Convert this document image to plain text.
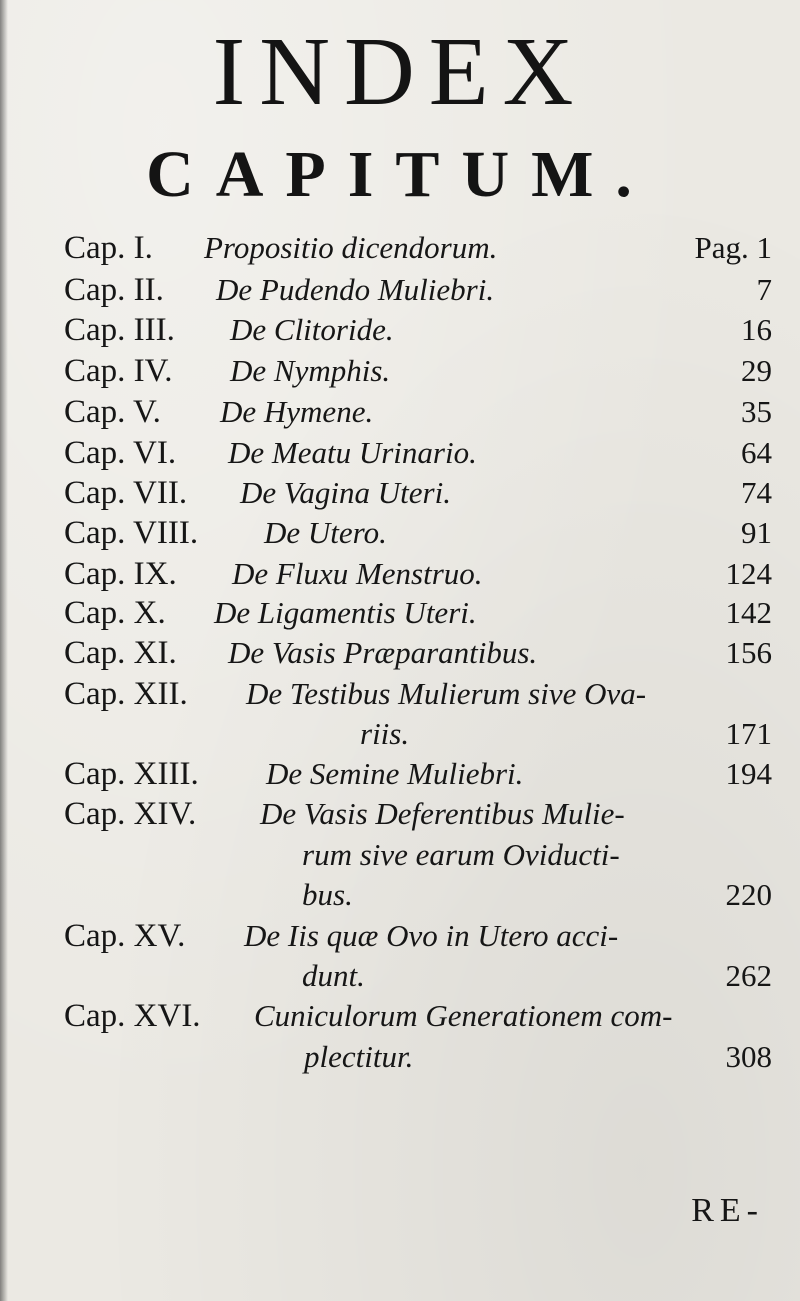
INDEX
CAPITUM.
Cap. I. Propositio dicendorum.	Pag. 1
Cap. II. De Pudendo Muliebri.	7
Cap. III. De Clitoride.	16
Cap. IV. De Nymphis.	29
Cap. V. De Hymene.	35
Cap. VI. De Meatu Urinario.	64
Cap. VII. De Vagina Uteri.	74
Cap. VIII. De Utero.	91
Cap. IX. De Fluxu Menstruo.	124
Cap. X. De Ligamentis Uteri.	142
Cap. XI. De Vasis Præparantibus.	156
Cap. XII. De Testibus Mulierum sive Ova-
riis.	171
Cap. XIII. De Semine Muliebri.	194
Cap. XIV. De Vasis Deferentibus Mulie-
rum sive earum Oviducti-
bus.	220
Cap. XV. De Iis quæ Ovo in Utero acci-
dunt.	262
Cap. XVI. Cuniculorum Generationem com-
plectitur.	308
RE-
